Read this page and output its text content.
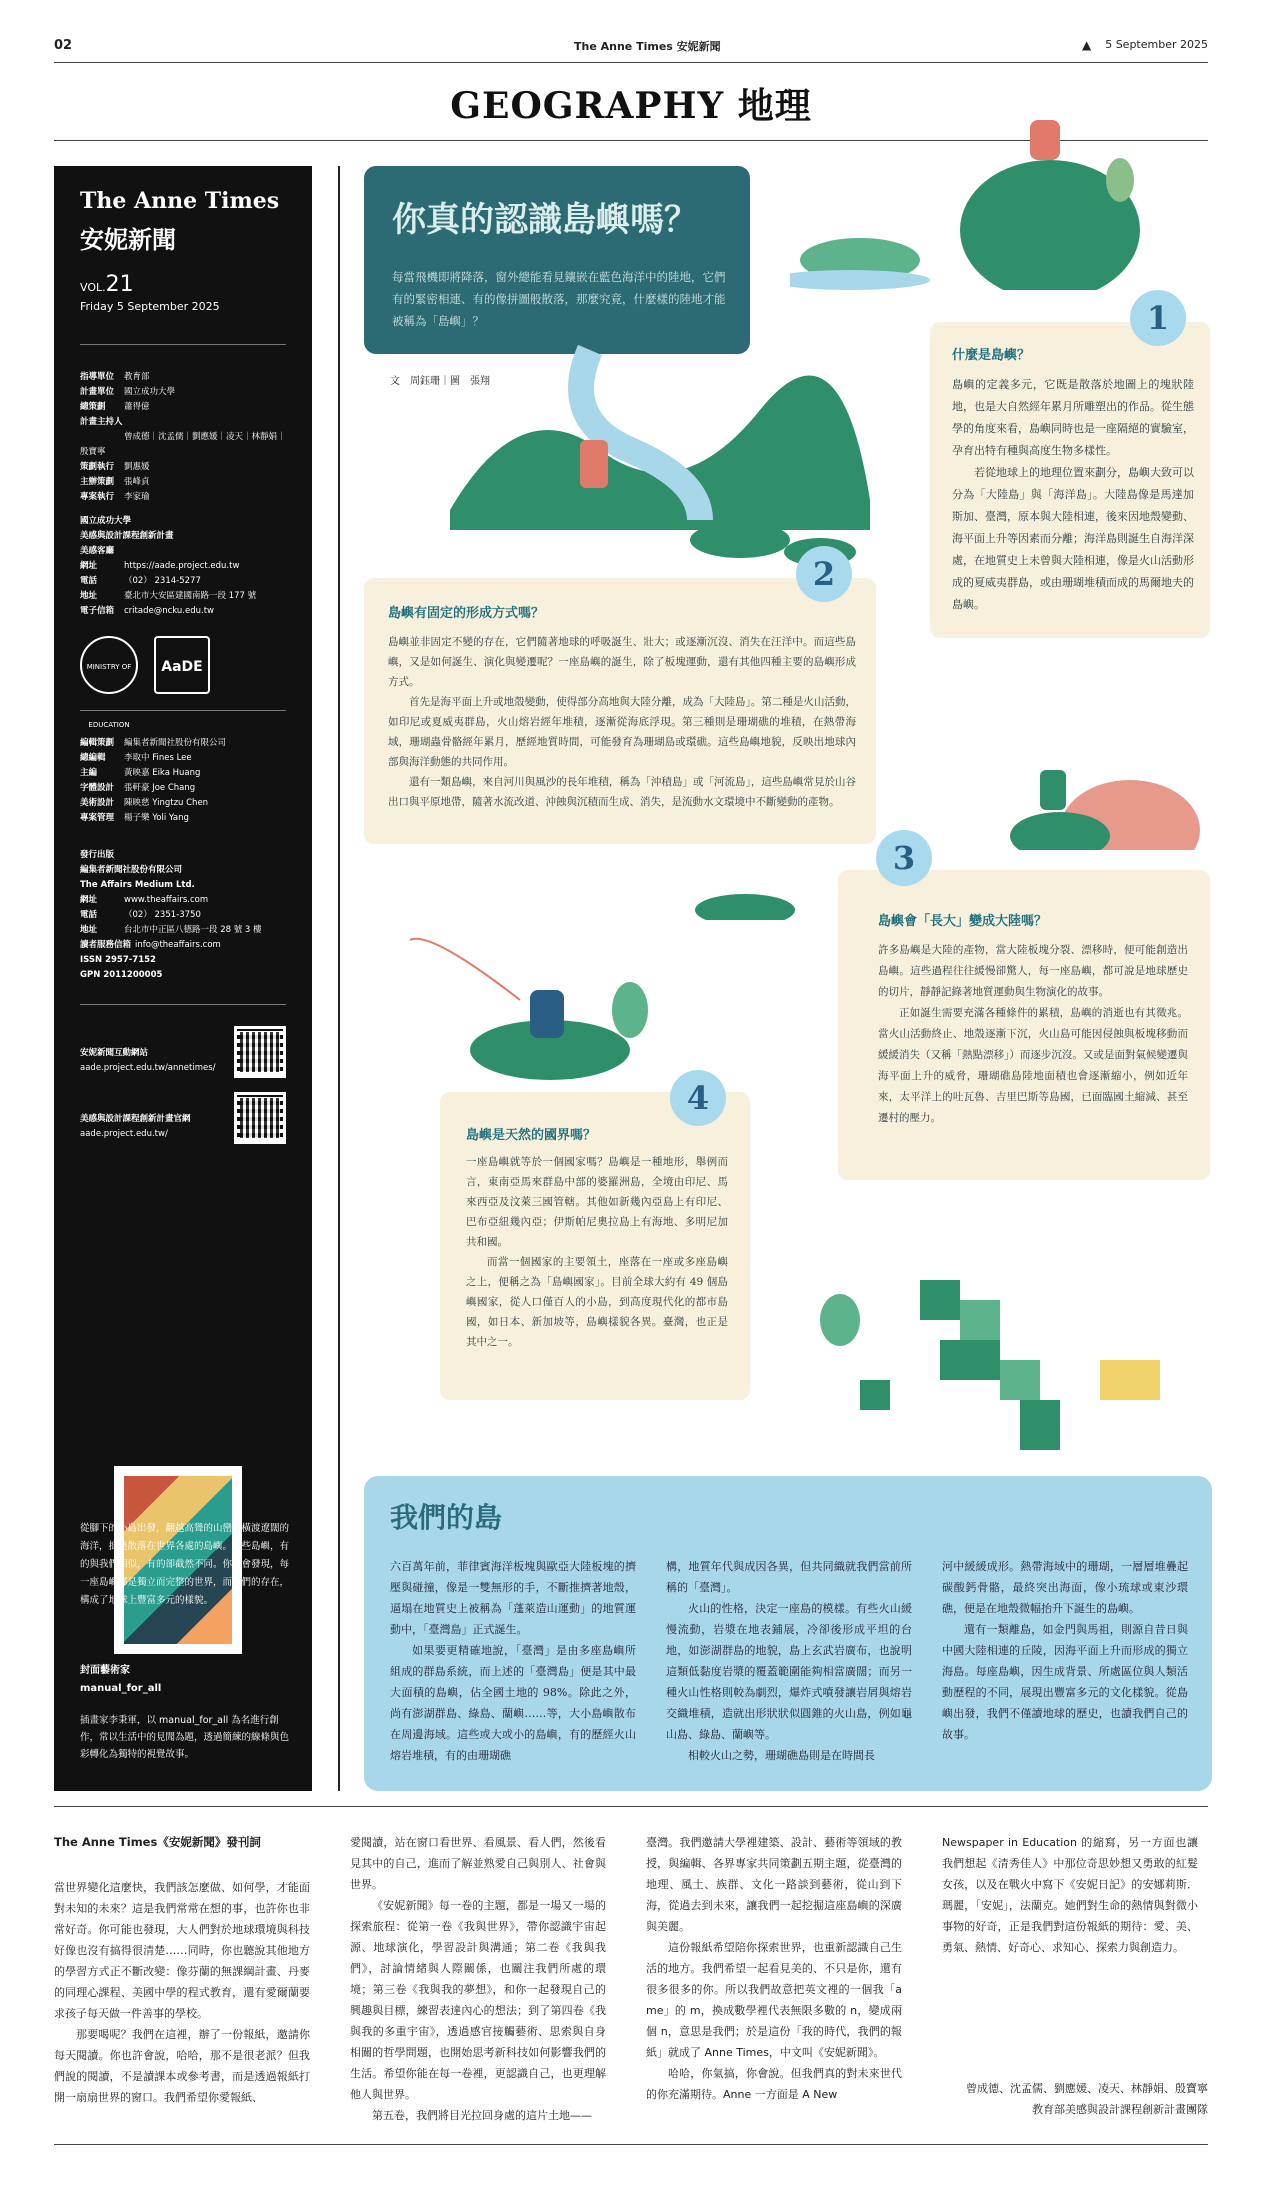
02	The Anne Times 安妮新聞	▲ 5 September 2025
GEOGRAPHY 地理
The Anne Times
安妮新聞
VOL.21
Friday 5 September 2025
指導單位 教育部
計畫單位 國立成功大學
總策劃 蕭得億
計畫主持人
曾成德｜沈孟儒｜劉應媛｜凌天｜林靜娟｜殷寶寧
策劃執行 劉惠媛
主辦策劃 張峰貞
專案執行 李家瑜
國立成功大學
美感與設計課程創新計畫
美感客廳
網址	https://aade.project.edu.tw
電話	（02） 2314-5277
地址	臺北市大安區建國南路一段 177 號
電子信箱 critade@ncku.edu.tw
MINISTRY OF EDUCATION
AaDE
編輯策劃 編集者新聞社股份有限公司
總編輯 李取中 Fines Lee
主編	黃映嘉 Eika Huang
字體設計 張軒豪 Joe Chang
美術設計 陳映慈 Yingtzu Chen
專案管理 楊子樂 Yoli Yang
發行出版
編集者新聞社股份有限公司
The Affairs Medium Ltd.
網址	www.theaffairs.com
電話	（02） 2351-3750
地址	台北市中正區八德路一段 28 號 3 樓
讀者服務信箱 info@theaffairs.com
ISSN 2957-7152
GPN 2011200005
安妮新聞互動網站
aade.project.edu.tw/annetimes/
美感與設計課程創新計畫官網
aade.project.edu.tw/
從腳下的小島出發，翻越高聳的山巒，橫渡遼闊的海洋，抵達散落在世界各處的島嶼。這些島嶼，有的與我們相似，有的卻截然不同。你將會發現，每一座島嶼都是獨立而完整的世界，而它們的存在，構成了地球上豐富多元的樣貌。
封面藝術家
manual_for_all
插畫家李秉軍，以 manual_for_all 為名進行創作，常以生活中的見聞為題，透過簡練的線條與色彩轉化為獨特的視覺故事。
你真的認識島嶼嗎？
每當飛機即將降落，窗外總能看見鑲嵌在藍色海洋中的陸地，它們有的緊密相連、有的像拼圖般散落，那麼究竟，什麼樣的陸地才能被稱為「島嶼」？
文　周鈺珊｜圖　張翔
什麼是島嶼？

島嶼的定義多元，它既是散落於地圖上的塊狀陸地，也是大自然經年累月所雕塑出的作品。從生態學的角度來看，島嶼同時也是一座隔絕的實驗室，孕育出特有種與高度生物多樣性。

若從地球上的地理位置來劃分，島嶼大致可以分為「大陸島」與「海洋島」。大陸島像是馬達加斯加、臺灣，原本與大陸相連，後來因地殼變動、海平面上升等因素而分離；海洋島則誕生自海洋深處，在地質史上未曾與大陸相連，像是火山活動形成的夏威夷群島，或由珊瑚堆積而成的馬爾地夫的島嶼。

1
島嶼有固定的形成方式嗎？

島嶼並非固定不變的存在，它們隨著地球的呼吸誕生、壯大；或逐漸沉沒、消失在汪洋中。而這些島嶼，又是如何誕生、演化與變遷呢？一座島嶼的誕生，除了板塊運動，還有其他四種主要的島嶼形成方式。

首先是海平面上升或地殼變動，使得部分高地與大陸分離，成為「大陸島」。第二種是火山活動，如印尼或夏威夷群島，火山熔岩經年堆積，逐漸從海底浮現。第三種則是珊瑚礁的堆積，在熱帶海域，珊瑚蟲骨骼經年累月，歷經地質時間，可能發育為珊瑚島或環礁。這些島嶼地貌，反映出地球內部與海洋動態的共同作用。

還有一類島嶼，來自河川與風沙的長年堆積，稱為「沖積島」或「河流島」，這些島嶼常見於山谷出口與平原地帶，隨著水流改道、沖蝕與沉積而生成、消失，是流動水文環境中不斷變動的產物。

2
島嶼會「長大」變成大陸嗎？

許多島嶼是大陸的產物，當大陸板塊分裂、漂移時，便可能創造出島嶼。這些過程往往緩慢卻驚人，每一座島嶼，都可說是地球歷史的切片，靜靜記錄著地質運動與生物演化的故事。

正如誕生需要充滿各種條件的累積，島嶼的消逝也有其徵兆。當火山活動終止、地殼逐漸下沉，火山島可能因侵蝕與板塊移動而緩緩消失（又稱「熱點漂移」）而逐步沉沒。又或是面對氣候變遷與海平面上升的威脅，珊瑚礁島陸地面積也會逐漸縮小，例如近年來，太平洋上的吐瓦魯、吉里巴斯等島國，已面臨國土縮減、甚至遷村的壓力。

3
島嶼是天然的國界嗎？

一座島嶼就等於一個國家嗎？島嶼是一種地形，舉例而言，東南亞馬來群島中部的婆羅洲島，全境由印尼、馬來西亞及汶萊三國管轄。其他如新幾內亞島上有印尼、巴布亞紐幾內亞；伊斯帕尼奧拉島上有海地、多明尼加共和國。

而當一個國家的主要領土，座落在一座或多座島嶼之上，便稱之為「島嶼國家」。目前全球大約有 49 個島嶼國家，從人口僅百人的小島，到高度現代化的都市島國，如日本、新加坡等，島嶼樣貌各異。臺灣，也正是其中之一。

4
我們的島

六百萬年前，菲律賓海洋板塊與歐亞大陸板塊的擠壓與碰撞，像是一雙無形的手，不斷推擠著地殼，逼塌在地質史上被稱為「蓬萊造山運動」的地質運動中，「臺灣島」正式誕生。

如果要更精確地說，「臺灣」是由多座島嶼所組成的群島系統，而上述的「臺灣島」便是其中最大面積的島嶼，佔全國土地的 98%。除此之外，尚有澎湖群島、綠島、蘭嶼……等，大小島嶼散布在周邊海域。這些或大或小的島嶼，有的歷經火山熔岩堆積，有的由珊瑚礁

構，地質年代與成因各異，但共同織就我們當前所稱的「臺灣」。

火山的性格，決定一座島的模樣。有些火山緩慢流動，岩漿在地表鋪展，冷卻後形成平坦的台地，如澎湖群島的地貌，島上玄武岩廣布，也說明這類低黏度岩漿的覆蓋範圍能夠相當廣闊；而另一種火山性格則較為劇烈，爆炸式噴發讓岩屑與熔岩交織堆積，造就出形狀狀似圓錐的火山島，例如龜山島、綠島、蘭嶼等。

相較火山之勢，珊瑚礁島則是在時間長

河中緩緩成形。熱帶海域中的珊瑚，一層層堆疊起碳酸鈣骨骼，最終突出海面，像小琉球或東沙環礁，便是在地殼微幅抬升下誕生的島嶼。

還有一類離島，如金門與馬祖，則源自昔日與中國大陸相連的丘陵，因海平面上升而形成的獨立海島。每座島嶼，因生成背景、所處區位與人類活動歷程的不同，展現出豐富多元的文化樣貌。從島嶼出發，我們不僅讀地球的歷史，也讀我們自己的故事。

The Anne Times《安妮新聞》發刊詞

當世界變化這麼快，我們該怎麼做、如何學，才能面對未知的未來？這是我們常常在想的事，也許你也非常好奇。你可能也發現，大人們對於地球環境與科技好像也沒有搞得很清楚……同時，你也聽說其他地方的學習方式正不斷改變：像芬蘭的無課綱計畫、丹麥的同理心課程、美國中學的程式教育，還有愛爾蘭要求孩子每天做一件善事的學校。

那要喝呢？我們在這裡，辦了一份報紙，邀請你每天閱讀。你也許會說，哈哈，那不是很老派？但我們說的閱讀，不是讀課本或參考書，而是透過報紙打開一扇扇世界的窗口。我們希望你愛報紙、

愛閱讀，站在窗口看世界、看風景、看人們，然後看見其中的自己，進而了解並熟愛自己與別人、社會與世界。

《安妮新聞》每一卷的主題，都是一場又一場的探索旅程：從第一卷《我與世界》，帶你認識宇宙起源、地球演化，學習設計與溝通；第二卷《我與我們》，討論情緒與人際關係，也關注我們所處的環境；第三卷《我與我的夢想》，和你一起發現自己的興趣與目標，練習表達內心的想法；到了第四卷《我與我的多重宇宙》，透過感官接觸藝術、思索與自身相關的哲學問題，也開始思考新科技如何影響我們的生活。希望你能在每一卷裡，更認識自己，也更理解他人與世界。

第五卷，我們將目光拉回身處的這片土地——

臺灣。我們邀請大學裡建築、設計、藝術等領域的教授，與編輯、各界專家共同策劃五期主題，從臺灣的地理、風土、族群、文化一路談到藝術，從山到下海，從過去到未來，讓我們一起挖掘這座島嶼的深廣與美麗。

這份報紙希望陪你探索世界，也重新認識自己生活的地方。我們希望一起看見美的、不只是你，還有很多很多的你。所以我們故意把英文裡的一個我「a me」的 m，換成數學裡代表無限多數的 n，變成兩個 n，意思是我們；於是這份「我的時代，我們的報紙」就成了 Anne Times，中文叫《安妮新聞》。

哈哈，你氣搞，你會說。但我們真的對未來世代的你充滿期待。Anne 一方面是 A New

Newspaper in Education 的縮寫，另一方面也讓我們想起《清秀佳人》中那位奇思妙想又勇敢的紅髮女孩，以及在戰火中寫下《安妮日記》的安娜莉斯．瑪麗，「安妮」，法蘭克。她們對生命的熱情與對微小事物的好奇，正是我們對這份報紙的期待：愛、美、勇氣、熱情、好奇心、求知心、探索力與創造力。

曾成德、沈孟儒、劉應媛、凌天、林靜娟、殷寶寧
教育部美感與設計課程創新計畫團隊
